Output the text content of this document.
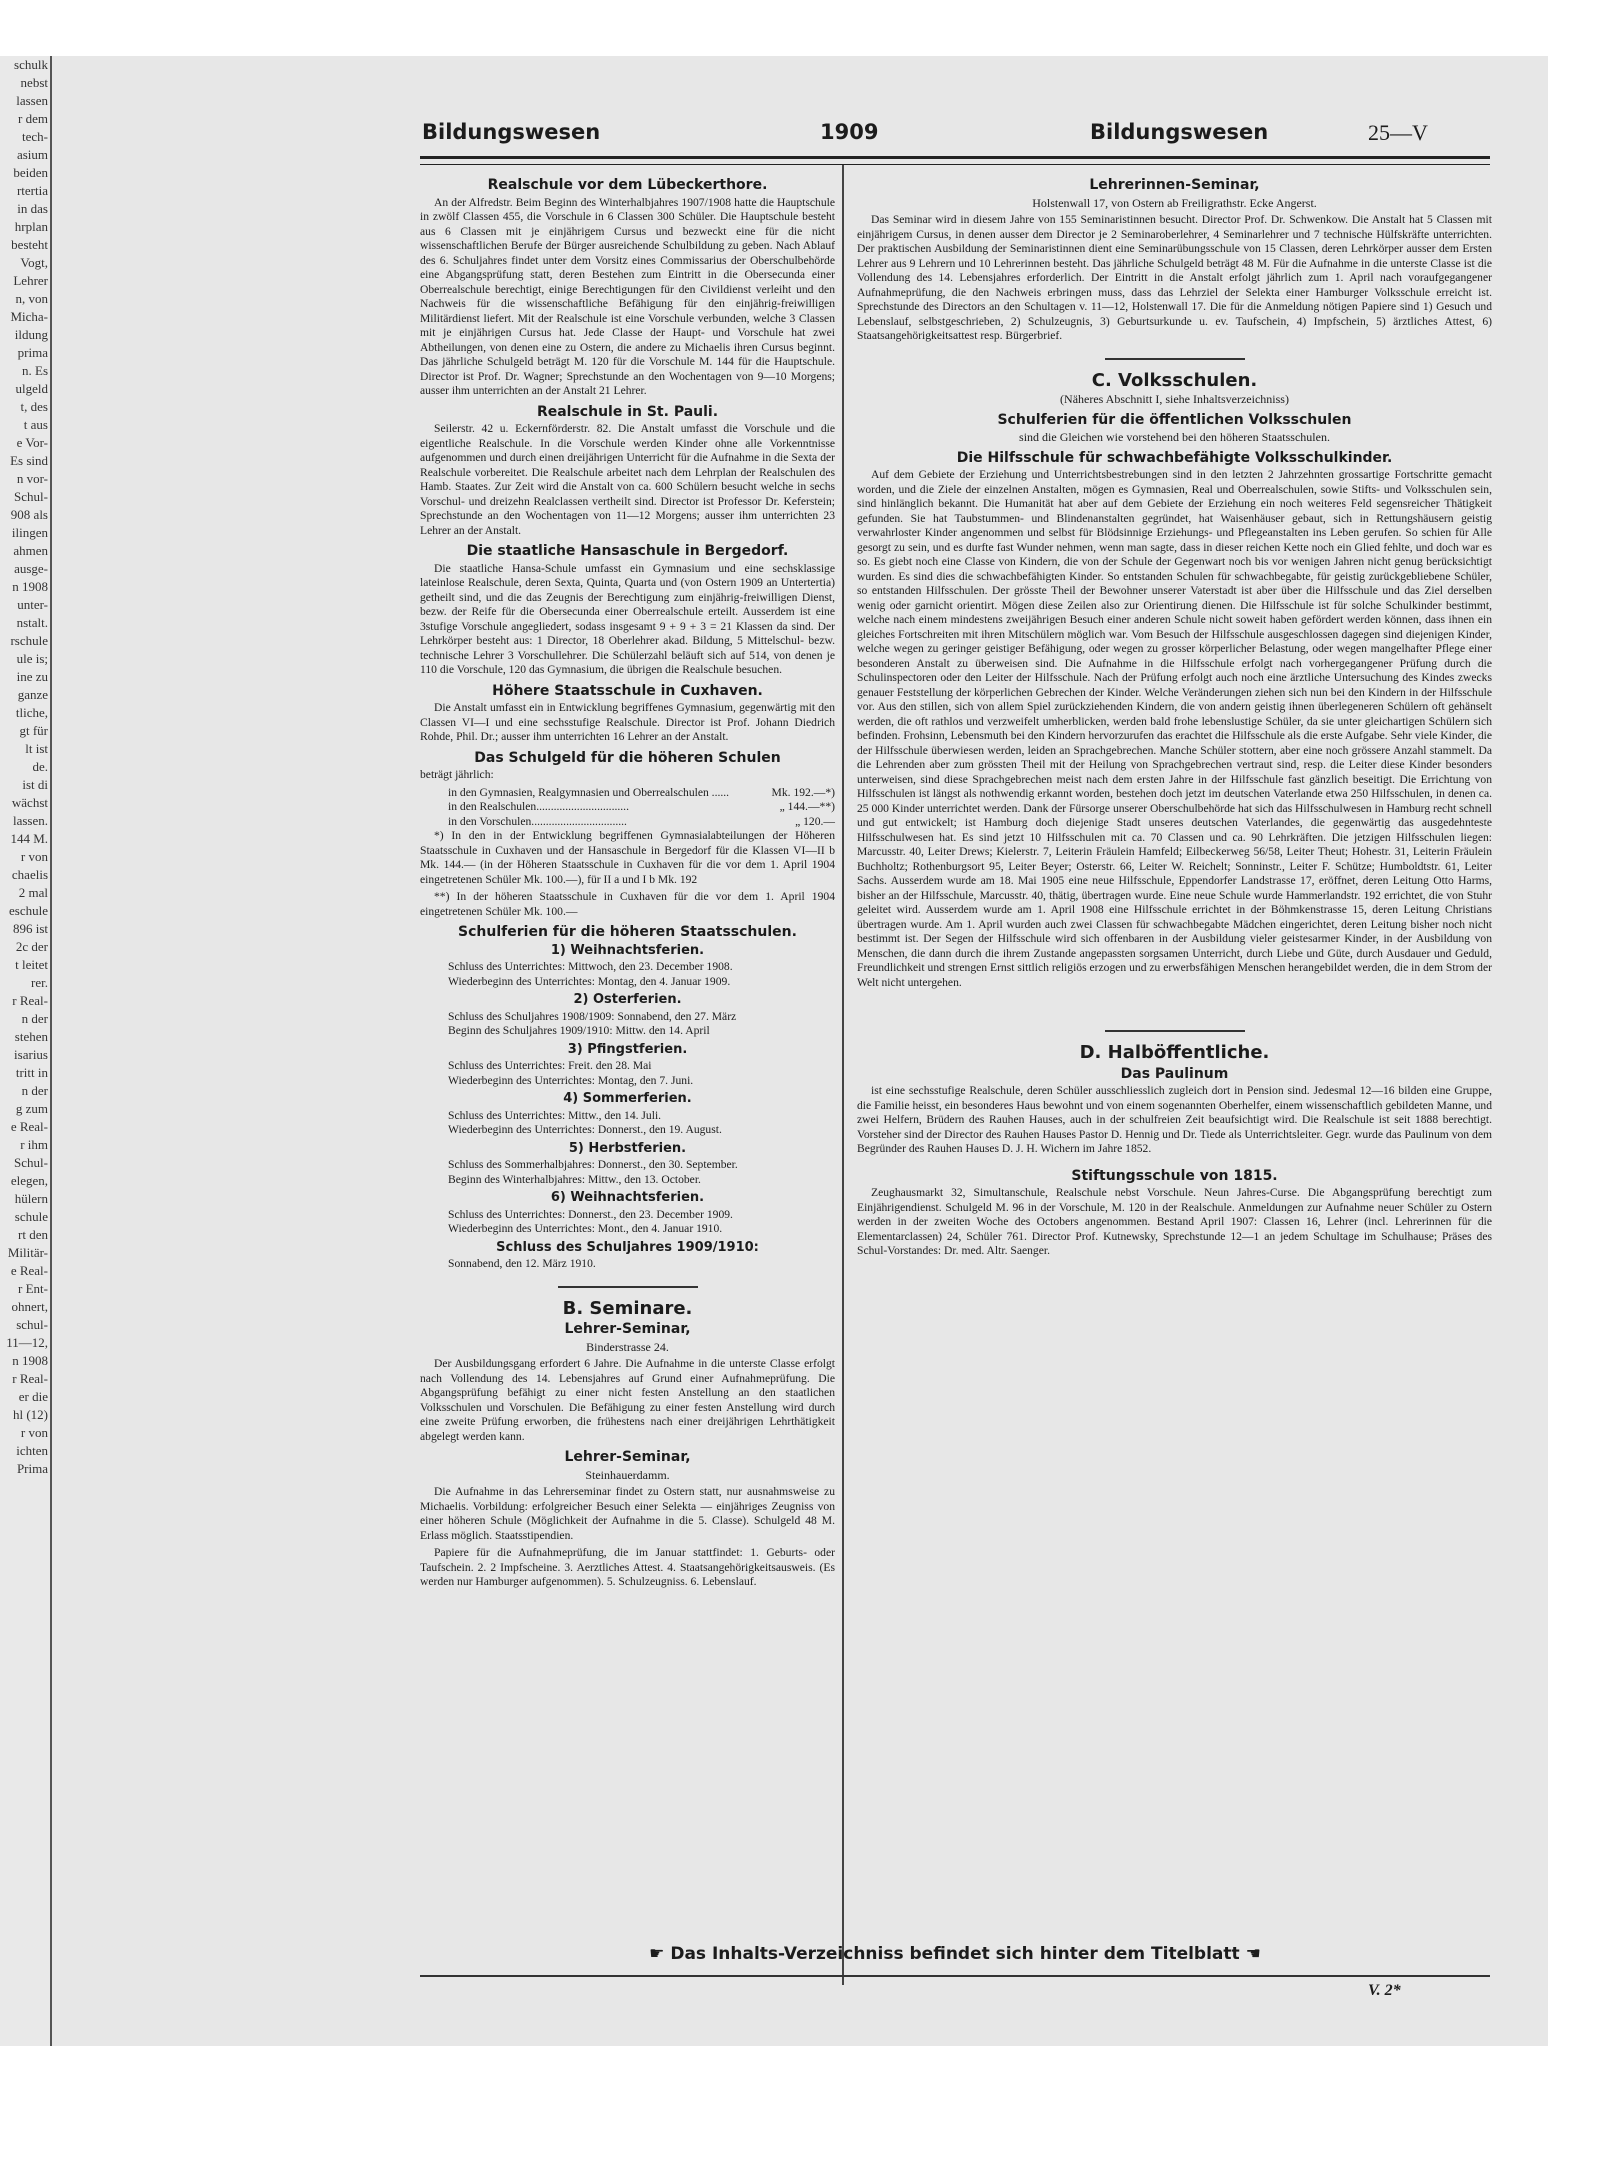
schulk
nebst
lassen
r dem
tech-
asium
beiden
rtertia
in das
hrplan
besteht
Vogt,
Lehrer
n, von
Micha-
ildung
prima
n. Es
ulgeld
t, des
t aus
e Vor-
Es sind
n vor-
Schul-
908 als
ilingen
ahmen
ausge-
n 1908
unter-
nstalt.
rschule
ule is;
ine zu
ganze
tliche,
gt für
lt ist
de.
ist di
wächst
lassen.
144 M.
r von
chaelis
2 mal
eschule
896 ist
2c der
t leitet
rer.
r Real-
n der
stehen
isarius
tritt in
n der
g zum
e Real-
r ihm
Schul-
elegen,
hülern
schule
rt den
Militär-
e Real-
r Ent-
ohnert,
schul-
11—12,
n 1908
r Real-
er die
hl (12)
r von
ichten
Prima
Bildungswesen	1909	Bildungswesen	25—V
Realschule vor dem Lübeckerthore.

An der Alfredstr. Beim Beginn des Winterhalbjahres 1907/1908 hatte die Hauptschule in zwölf Classen 455, die Vorschule in 6 Classen 300 Schüler. Die Hauptschule besteht aus 6 Classen mit je einjährigem Cursus und bezweckt eine für die nicht wissenschaftlichen Berufe der Bürger ausreichende Schulbildung zu geben. Nach Ablauf des 6. Schuljahres findet unter dem Vorsitz eines Commissarius der Oberschulbehörde eine Abgangsprüfung statt, deren Bestehen zum Eintritt in die Obersecunda einer Oberrealschule berechtigt, einige Berechtigungen für den Civildienst verleiht und den Nachweis für die wissenschaftliche Befähigung für den einjährig-freiwilligen Militärdienst liefert. Mit der Realschule ist eine Vorschule verbunden, welche 3 Classen mit je einjährigen Cursus hat. Jede Classe der Haupt- und Vorschule hat zwei Abtheilungen, von denen eine zu Ostern, die andere zu Michaelis ihren Cursus beginnt. Das jährliche Schulgeld beträgt M. 120 für die Vorschule M. 144 für die Hauptschule. Director ist Prof. Dr. Wagner; Sprechstunde an den Wochentagen von 9—10 Morgens; ausser ihm unterrichten an der Anstalt 21 Lehrer.

Realschule in St. Pauli.

Seilerstr. 42 u. Eckernförderstr. 82. Die Anstalt umfasst die Vorschule und die eigentliche Realschule. In die Vorschule werden Kinder ohne alle Vorkenntnisse aufgenommen und durch einen dreijährigen Unterricht für die Aufnahme in die Sexta der Realschule vorbereitet. Die Realschule arbeitet nach dem Lehrplan der Realschulen des Hamb. Staates. Zur Zeit wird die Anstalt von ca. 600 Schülern besucht welche in sechs Vorschul- und dreizehn Realclassen vertheilt sind. Director ist Professor Dr. Keferstein; Sprechstunde an den Wochentagen von 11—12 Morgens; ausser ihm unterrichten 23 Lehrer an der Anstalt.

Die staatliche Hansaschule in Bergedorf.

Die staatliche Hansa-Schule umfasst ein Gymnasium und eine sechsklassige lateinlose Realschule, deren Sexta, Quinta, Quarta und (von Ostern 1909 an Untertertia) getheilt sind, und die das Zeugnis der Berechtigung zum einjährig-freiwilligen Dienst, bezw. der Reife für die Obersecunda einer Oberrealschule erteilt. Ausserdem ist eine 3stufige Vorschule angegliedert, sodass insgesamt 9 + 9 + 3 = 21 Klassen da sind. Der Lehrkörper besteht aus: 1 Director, 18 Oberlehrer akad. Bildung, 5 Mittelschul- bezw. technische Lehrer 3 Vorschullehrer. Die Schülerzahl beläuft sich auf 514, von denen je 110 die Vorschule, 120 das Gymnasium, die übrigen die Realschule besuchen.

Höhere Staatsschule in Cuxhaven.

Die Anstalt umfasst ein in Entwicklung begriffenes Gymnasium, gegenwärtig mit den Classen VI—I und eine sechsstufige Realschule. Director ist Prof. Johann Diedrich Rohde, Phil. Dr.; ausser ihm unterrichten 16 Lehrer an der Anstalt.

Das Schulgeld für die höheren Schulen

beträgt jährlich:

in den Gymnasien, Realgymnasien und Oberrealschulen ......	Mk. 192.—*)
in den Realschulen................................	„ 144.—**)
in den Vorschulen.................................	„ 120.—

*) In den in der Entwicklung begriffenen Gymnasialabteilungen der Höheren Staatsschule in Cuxhaven und der Hansaschule in Bergedorf für die Klassen VI—II b Mk. 144.— (in der Höheren Staatsschule in Cuxhaven für die vor dem 1. April 1904 eingetretenen Schüler Mk. 100.—), für II a und I b Mk. 192

**) In der höheren Staatsschule in Cuxhaven für die vor dem 1. April 1904 eingetretenen Schüler Mk. 100.—

Schulferien für die höheren Staatsschulen.
1) Weihnachtsferien.

Schluss des Unterrichtes: Mittwoch, den 23. December 1908.

Wiederbeginn des Unterrichtes: Montag, den 4. Januar 1909.

2) Osterferien.

Schluss des Schuljahres 1908/1909: Sonnabend, den 27. März

Beginn des Schuljahres 1909/1910: Mittw. den 14. April

3) Pfingstferien.

Schluss des Unterrichtes: Freit. den 28. Mai

Wiederbeginn des Unterrichtes: Montag, den 7. Juni.

4) Sommerferien.

Schluss des Unterrichtes: Mittw., den 14. Juli.

Wiederbeginn des Unterrichtes: Donnerst., den 19. August.

5) Herbstferien.

Schluss des Sommerhalbjahres: Donnerst., den 30. September.

Beginn des Winterhalbjahres: Mittw., den 13. October.

6) Weihnachtsferien.

Schluss des Unterrichtes: Donnerst., den 23. December 1909.

Wiederbeginn des Unterrichtes: Mont., den 4. Januar 1910.

Schluss des Schuljahres 1909/1910:

Sonnabend, den 12. März 1910.

B. Seminare.
Lehrer-Seminar,
Binderstrasse 24.

Der Ausbildungsgang erfordert 6 Jahre. Die Aufnahme in die unterste Classe erfolgt nach Vollendung des 14. Lebensjahres auf Grund einer Aufnahmeprüfung. Die Abgangsprüfung befähigt zu einer nicht festen Anstellung an den staatlichen Volksschulen und Vorschulen. Die Befähigung zu einer festen Anstellung wird durch eine zweite Prüfung erworben, die frühestens nach einer dreijährigen Lehrthätigkeit abgelegt werden kann.

Lehrer-Seminar,
Steinhauerdamm.

Die Aufnahme in das Lehrerseminar findet zu Ostern statt, nur ausnahmsweise zu Michaelis. Vorbildung: erfolgreicher Besuch einer Selekta — einjähriges Zeugniss von einer höheren Schule (Möglichkeit der Aufnahme in die 5. Classe). Schulgeld 48 M. Erlass möglich. Staatsstipendien.

Papiere für die Aufnahmeprüfung, die im Januar stattfindet: 1. Geburts- oder Taufschein. 2. 2 Impfscheine. 3. Aerztliches Attest. 4. Staatsangehörigkeitsausweis. (Es werden nur Hamburger aufgenommen). 5. Schulzeugniss. 6. Lebenslauf.

Lehrerinnen-Seminar,
Holstenwall 17, von Ostern ab Freiligrathstr. Ecke Angerst.

Das Seminar wird in diesem Jahre von 155 Seminaristinnen besucht. Director Prof. Dr. Schwenkow. Die Anstalt hat 5 Classen mit einjährigem Cursus, in denen ausser dem Director je 2 Seminaroberlehrer, 4 Seminarlehrer und 7 technische Hülfskräfte unterrichten. Der praktischen Ausbildung der Seminaristinnen dient eine Seminarübungsschule von 15 Classen, deren Lehrkörper ausser dem Ersten Lehrer aus 9 Lehrern und 10 Lehrerinnen besteht. Das jährliche Schulgeld beträgt 48 M. Für die Aufnahme in die unterste Classe ist die Vollendung des 14. Lebensjahres erforderlich. Der Eintritt in die Anstalt erfolgt jährlich zum 1. April nach voraufgegangener Aufnahmeprüfung, die den Nachweis erbringen muss, dass das Lehrziel der Selekta einer Hamburger Volksschule erreicht ist. Sprechstunde des Directors an den Schultagen v. 11—12, Holstenwall 17. Die für die Anmeldung nötigen Papiere sind 1) Gesuch und Lebenslauf, selbstgeschrieben, 2) Schulzeugnis, 3) Geburtsurkunde u. ev. Taufschein, 4) Impfschein, 5) ärztliches Attest, 6) Staatsangehörigkeitsattest resp. Bürgerbrief.

C. Volksschulen.
(Näheres Abschnitt I, siehe Inhaltsverzeichniss)
Schulferien für die öffentlichen Volksschulen
sind die Gleichen wie vorstehend bei den höheren Staatsschulen.
Die Hilfsschule für schwachbefähigte Volksschulkinder.

Auf dem Gebiete der Erziehung und Unterrichtsbestrebungen sind in den letzten 2 Jahrzehnten grossartige Fortschritte gemacht worden, und die Ziele der einzelnen Anstalten, mögen es Gymnasien, Real und Oberrealschulen, sowie Stifts- und Volksschulen sein, sind hinlänglich bekannt. Die Humanität hat aber auf dem Gebiete der Erziehung ein noch weiteres Feld segensreicher Thätigkeit gefunden. Sie hat Taubstummen- und Blindenanstalten gegründet, hat Waisenhäuser gebaut, sich in Rettungshäusern geistig verwahrloster Kinder angenommen und selbst für Blödsinnige Erziehungs- und Pflegeanstalten ins Leben gerufen. So schien für Alle gesorgt zu sein, und es durfte fast Wunder nehmen, wenn man sagte, dass in dieser reichen Kette noch ein Glied fehlte, und doch war es so. Es giebt noch eine Classe von Kindern, die von der Schule der Gegenwart noch bis vor wenigen Jahren nicht genug berücksichtigt wurden. Es sind dies die schwachbefähigten Kinder. So entstanden Schulen für schwachbegabte, für geistig zurückgebliebene Schüler, so entstanden Hilfsschulen. Der grösste Theil der Bewohner unserer Vaterstadt ist aber über die Hilfsschule und das Ziel derselben wenig oder garnicht orientirt. Mögen diese Zeilen also zur Orientirung dienen. Die Hilfsschule ist für solche Schulkinder bestimmt, welche nach einem mindestens zweijährigen Besuch einer anderen Schule nicht soweit haben gefördert werden können, dass ihnen ein gleiches Fortschreiten mit ihren Mitschülern möglich war. Vom Besuch der Hilfsschule ausgeschlossen dagegen sind diejenigen Kinder, welche wegen zu geringer geistiger Befähigung, oder wegen zu grosser körperlicher Belastung, oder wegen mangelhafter Pflege einer besonderen Anstalt zu überweisen sind. Die Aufnahme in die Hilfsschule erfolgt nach vorhergegangener Prüfung durch die Schulinspectoren oder den Leiter der Hilfsschule. Nach der Prüfung erfolgt auch noch eine ärztliche Untersuchung des Kindes zwecks genauer Feststellung der körperlichen Gebrechen der Kinder. Welche Veränderungen ziehen sich nun bei den Kindern in der Hilfsschule vor. Aus den stillen, sich von allem Spiel zurückziehenden Kindern, die von andern geistig ihnen überlegeneren Schülern oft gehänselt werden, die oft rathlos und verzweifelt umherblicken, werden bald frohe lebenslustige Schüler, da sie unter gleichartigen Schülern sich befinden. Frohsinn, Lebensmuth bei den Kindern hervorzurufen das erachtet die Hilfsschule als die erste Aufgabe. Sehr viele Kinder, die der Hilfsschule überwiesen werden, leiden an Sprachgebrechen. Manche Schüler stottern, aber eine noch grössere Anzahl stammelt. Da die Lehrenden aber zum grössten Theil mit der Heilung von Sprachgebrechen vertraut sind, resp. die Leiter diese Kinder besonders unterweisen, sind diese Sprachgebrechen meist nach dem ersten Jahre in der Hilfsschule fast gänzlich beseitigt. Die Errichtung von Hilfsschulen ist längst als nothwendig erkannt worden, bestehen doch jetzt im deutschen Vaterlande etwa 250 Hilfsschulen, in denen ca. 25 000 Kinder unterrichtet werden. Dank der Fürsorge unserer Oberschulbehörde hat sich das Hilfsschulwesen in Hamburg recht schnell und gut entwickelt; ist Hamburg doch diejenige Stadt unseres deutschen Vaterlandes, die gegenwärtig das ausgedehnteste Hilfsschulwesen hat. Es sind jetzt 10 Hilfsschulen mit ca. 70 Classen und ca. 90 Lehrkräften. Die jetzigen Hilfsschulen liegen: Marcusstr. 40, Leiter Drews; Kielerstr. 7, Leiterin Fräulein Hamfeld; Eilbeckerweg 56/58, Leiter Theut; Hohestr. 31, Leiterin Fräulein Buchholtz; Rothenburgsort 95, Leiter Beyer; Osterstr. 66, Leiter W. Reichelt; Sonninstr., Leiter F. Schütze; Humboldtstr. 61, Leiter Sachs. Ausserdem wurde am 18. Mai 1905 eine neue Hilfsschule, Eppendorfer Landstrasse 17, eröffnet, deren Leitung Otto Harms, bisher an der Hilfsschule, Marcusstr. 40, thätig, übertragen wurde. Eine neue Schule wurde Hammerlandstr. 192 errichtet, die von Stuhr geleitet wird. Ausserdem wurde am 1. April 1908 eine Hilfsschule errichtet in der Böhmkenstrasse 15, deren Leitung Christians übertragen wurde. Am 1. April wurden auch zwei Classen für schwachbegabte Mädchen eingerichtet, deren Leitung bisher noch nicht bestimmt ist. Der Segen der Hilfsschule wird sich offenbaren in der Ausbildung vieler geistesarmer Kinder, in der Ausbildung von Menschen, die dann durch die ihrem Zustande angepassten sorgsamen Unterricht, durch Liebe und Güte, durch Ausdauer und Geduld, Freundlichkeit und strengen Ernst sittlich religiös erzogen und zu erwerbsfähigen Menschen herangebildet werden, die in dem Strom der Welt nicht untergehen.

D. Halböffentliche.
Das Paulinum

ist eine sechsstufige Realschule, deren Schüler ausschliesslich zugleich dort in Pension sind. Jedesmal 12—16 bilden eine Gruppe, die Familie heisst, ein besonderes Haus bewohnt und von einem sogenannten Oberhelfer, einem wissenschaftlich gebildeten Manne, und zwei Helfern, Brüdern des Rauhen Hauses, auch in der schulfreien Zeit beaufsichtigt wird. Die Realschule ist seit 1888 berechtigt. Vorsteher sind der Director des Rauhen Hauses Pastor D. Hennig und Dr. Tiede als Unterrichtsleiter. Gegr. wurde das Paulinum von dem Begründer des Rauhen Hauses D. J. H. Wichern im Jahre 1852.

Stiftungsschule von 1815.

Zeughausmarkt 32, Simultanschule, Realschule nebst Vorschule. Neun Jahres-Curse. Die Abgangsprüfung berechtigt zum Einjährigendienst. Schulgeld M. 96 in der Vorschule, M. 120 in der Realschule. Anmeldungen zur Aufnahme neuer Schüler zu Ostern werden in der zweiten Woche des Octobers angenommen. Bestand April 1907: Classen 16, Lehrer (incl. Lehrerinnen für die Elementarclassen) 24, Schüler 761. Director Prof. Kutnewsky, Sprechstunde 12—1 an jedem Schultage im Schulhause; Präses des Schul-Vorstandes: Dr. med. Altr. Saenger.

☛ Das Inhalts-Verzeichniss befindet sich hinter dem Titelblatt ☚
V. 2*
